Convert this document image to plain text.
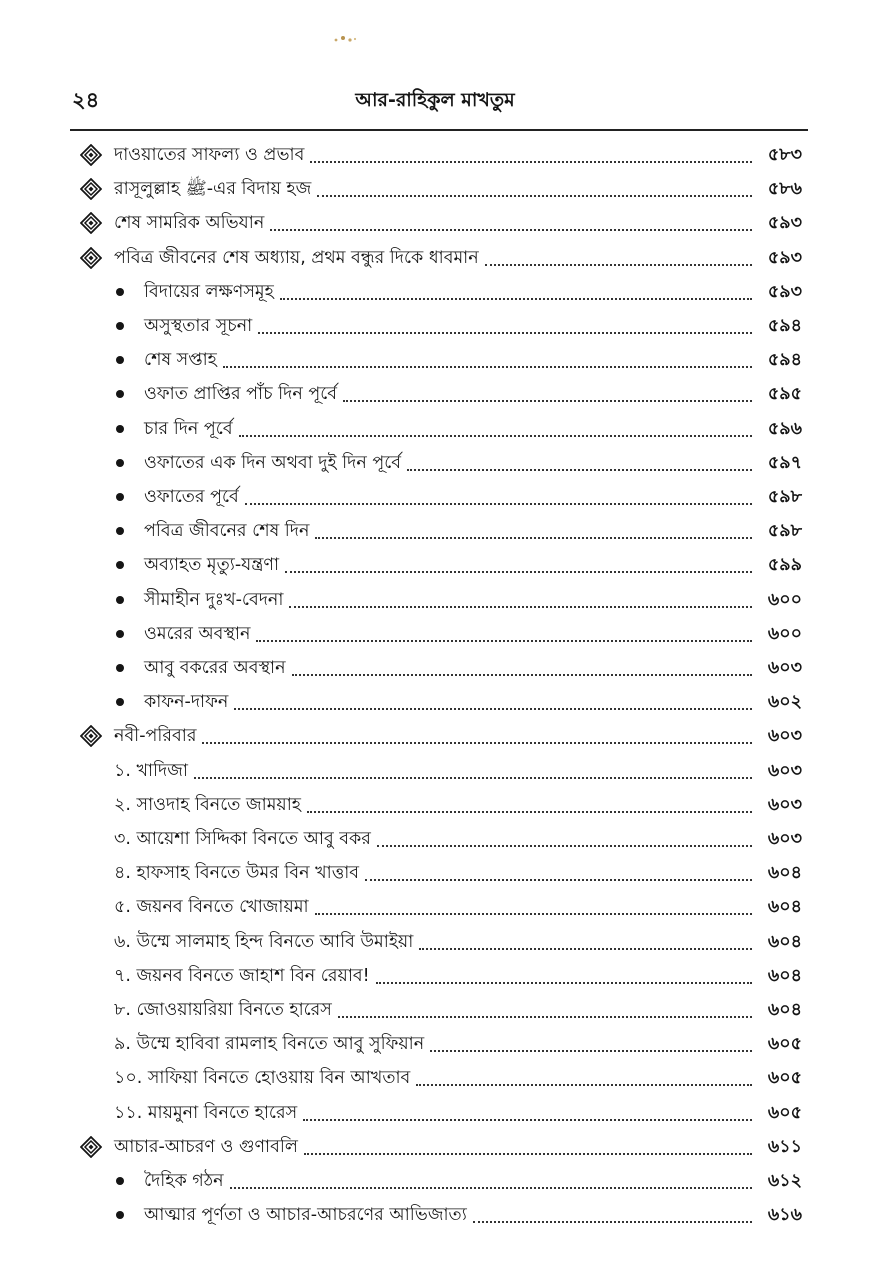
২৪	আর-রাহিকুল মাখতুম
দাওয়াতের সাফল্য ও প্রভাব	৫৮৩
রাসূলুল্লাহ ﷺ-এর বিদায় হজ	৫৮৬
শেষ সামরিক অভিযান	৫৯৩
পবিত্র জীবনের শেষ অধ্যায়, প্রথম বন্ধুর দিকে ধাবমান	৫৯৩
বিদায়ের লক্ষণসমূহ	৫৯৩
অসুস্থতার সূচনা	৫৯৪
শেষ সপ্তাহ	৫৯৪
ওফাত প্রাপ্তির পাঁচ দিন পূর্বে	৫৯৫
চার দিন পূর্বে	৫৯৬
ওফাতের এক দিন অথবা দুই দিন পূর্বে	৫৯৭
ওফাতের পূর্বে	৫৯৮
পবিত্র জীবনের শেষ দিন	৫৯৮
অব্যাহত মৃত্যু-যন্ত্রণা	৫৯৯
সীমাহীন দুঃখ-বেদনা	৬০০
ওমরের অবস্থান	৬০০
আবু বকরের অবস্থান	৬০৩
কাফন-দাফন	৬০২
নবী-পরিবার	৬০৩
১. খাদিজা	৬০৩
২. সাওদাহ বিনতে জাময়াহ	৬০৩
৩. আয়েশা সিদ্দিকা বিনতে আবু বকর	৬০৩
৪. হাফসাহ বিনতে উমর বিন খাত্তাব	৬০৪
৫. জয়নব বিনতে খোজায়মা	৬০৪
৬. উম্মে সালমাহ হিন্দ বিনতে আবি উমাইয়া	৬০৪
৭. জয়নব বিনতে জাহাশ বিন রেয়াব!	৬০৪
৮. জোওয়ায়রিয়া বিনতে হারেস	৬০৪
৯. উম্মে হাবিবা রামলাহ বিনতে আবু সুফিয়ান	৬০৫
১০. সাফিয়া বিনতে হোওয়ায় বিন আখতাব	৬০৫
১১. মায়মুনা বিনতে হারেস	৬০৫
আচার-আচরণ ও গুণাবলি	৬১১
দৈহিক গঠন	৬১২
আত্মার পূর্ণতা ও আচার-আচরণের আভিজাত্য	৬১৬
